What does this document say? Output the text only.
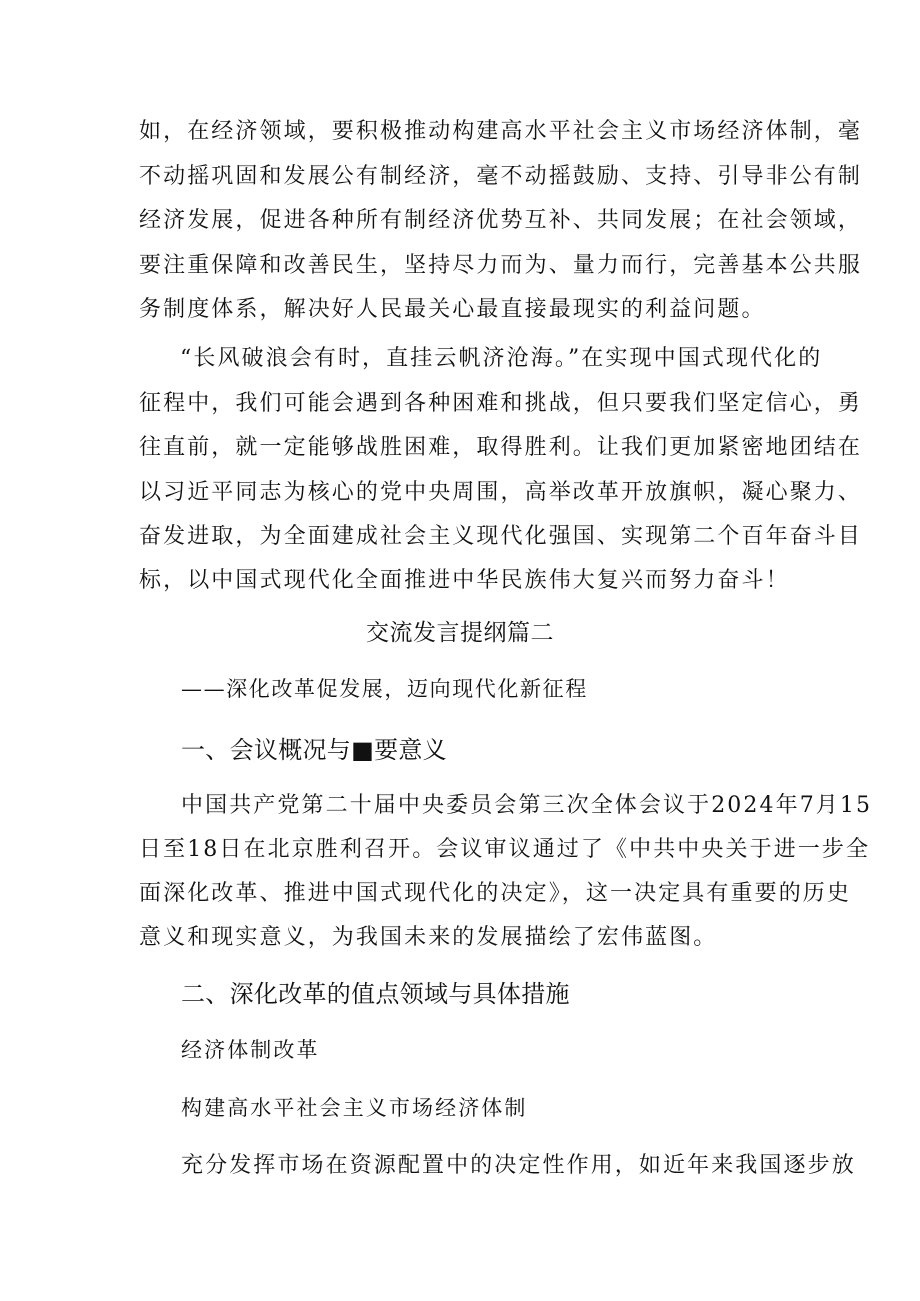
如，在经济领域，要积极推动构建高水平社会主义市场经济体制，毫
不动摇巩固和发展公有制经济，毫不动摇鼓励、支持、引导非公有制
经济发展，促进各种所有制经济优势互补、共同发展；在社会领域，
要注重保障和改善民生，坚持尽力而为、量力而行，完善基本公共服
务制度体系，解决好人民最关心最直接最现实的利益问题。
“长风破浪会有时，直挂云帆济沧海。”在实现中国式现代化的
征程中，我们可能会遇到各种困难和挑战，但只要我们坚定信心，勇
往直前，就一定能够战胜困难，取得胜利。让我们更加紧密地团结在
以习近平同志为核心的党中央周围，高举改革开放旗帜，凝心聚力、
奋发进取，为全面建成社会主义现代化强国、实现第二个百年奋斗目
标，以中国式现代化全面推进中华民族伟大复兴而努力奋斗！
交流发言提纲篇二
——深化改革促发展，迈向现代化新征程
一、会议概况与■要意义
中国共产党第二十届中央委员会第三次全体会议于2024年7月15
日至18日在北京胜利召开。会议审议通过了《中共中央关于进一步全
面深化改革、推进中国式现代化的决定》，这一决定具有重要的历史
意义和现实意义，为我国未来的发展描绘了宏伟蓝图。
二、深化改革的值点领域与具体措施
经济体制改革
构建高水平社会主义市场经济体制
充分发挥市场在资源配置中的决定性作用，如近年来我国逐步放
